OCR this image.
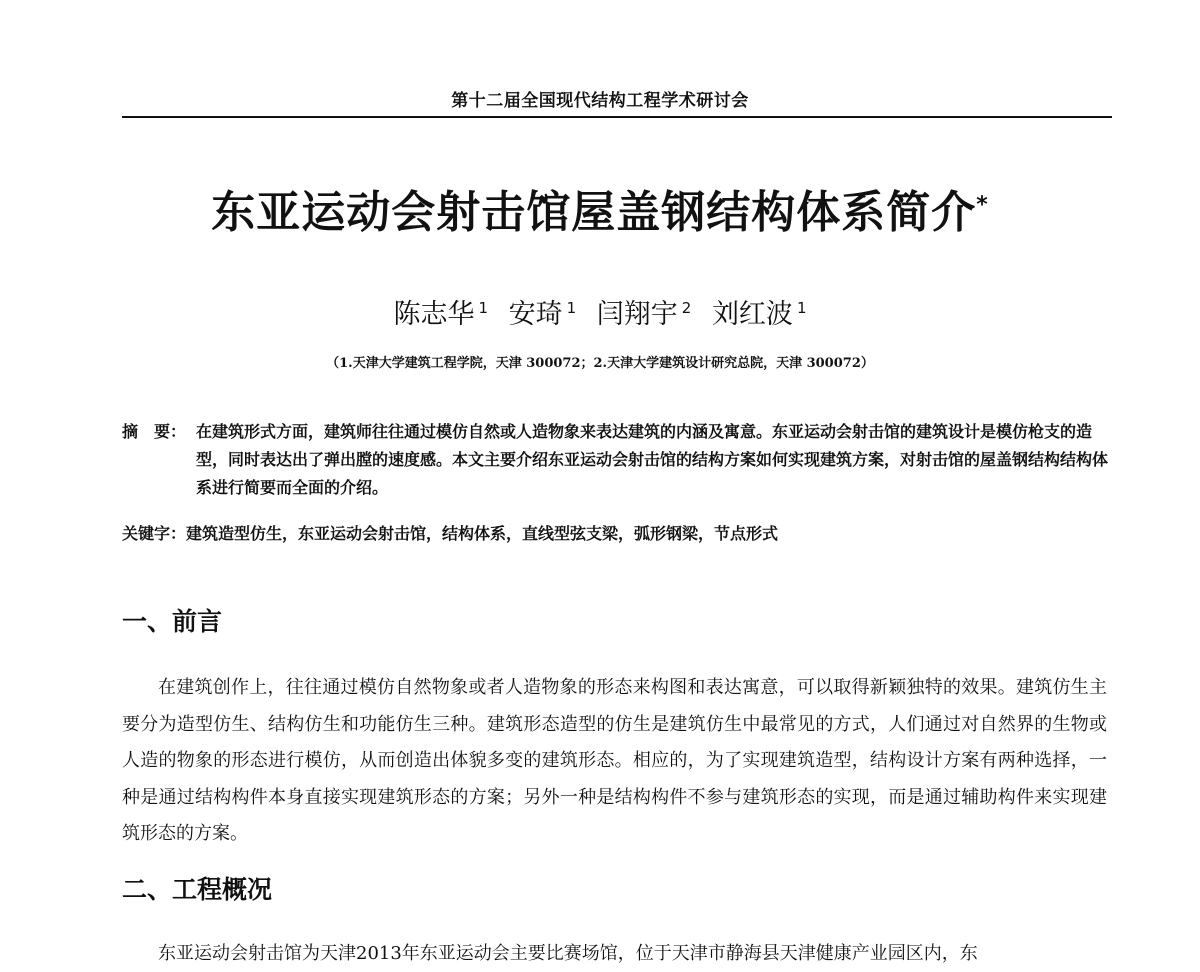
第十二届全国现代结构工程学术研讨会
东亚运动会射击馆屋盖钢结构体系简介*
陈志华 $^1$ 安琦 $^1$ 闫翔宇 $^2$ 刘红波 $^1$
（1.天津大学建筑工程学院，天津 300072；2.天津大学建筑设计研究总院，天津 300072）
摘　要： 在建筑形式方面，建筑师往往通过模仿自然或人造物象来表达建筑的内涵及寓意。东亚运动会射击馆的建筑设计是模仿枪支的造型，同时表达出了弹出膛的速度感。本文主要介绍东亚运动会射击馆的结构方案如何实现建筑方案，对射击馆的屋盖钢结构结构体系进行简要而全面的介绍。
关键字：建筑造型仿生，东亚运动会射击馆，结构体系，直线型弦支梁，弧形钢梁，节点形式
一、前言
在建筑创作上，往往通过模仿自然物象或者人造物象的形态来构图和表达寓意，可以取得新颖独特的效果。建筑仿生主要分为造型仿生、结构仿生和功能仿生三种。建筑形态造型的仿生是建筑仿生中最常见的方式，人们通过对自然界的生物或人造的物象的形态进行模仿，从而创造出体貌多变的建筑形态。相应的，为了实现建筑造型，结构设计方案有两种选择，一种是通过结构构件本身直接实现建筑形态的方案；另外一种是结构构件不参与建筑形态的实现，而是通过辅助构件来实现建筑形态的方案。
二、工程概况
东亚运动会射击馆为天津2013年东亚运动会主要比赛场馆，位于天津市静海县天津健康产业园区内，东
